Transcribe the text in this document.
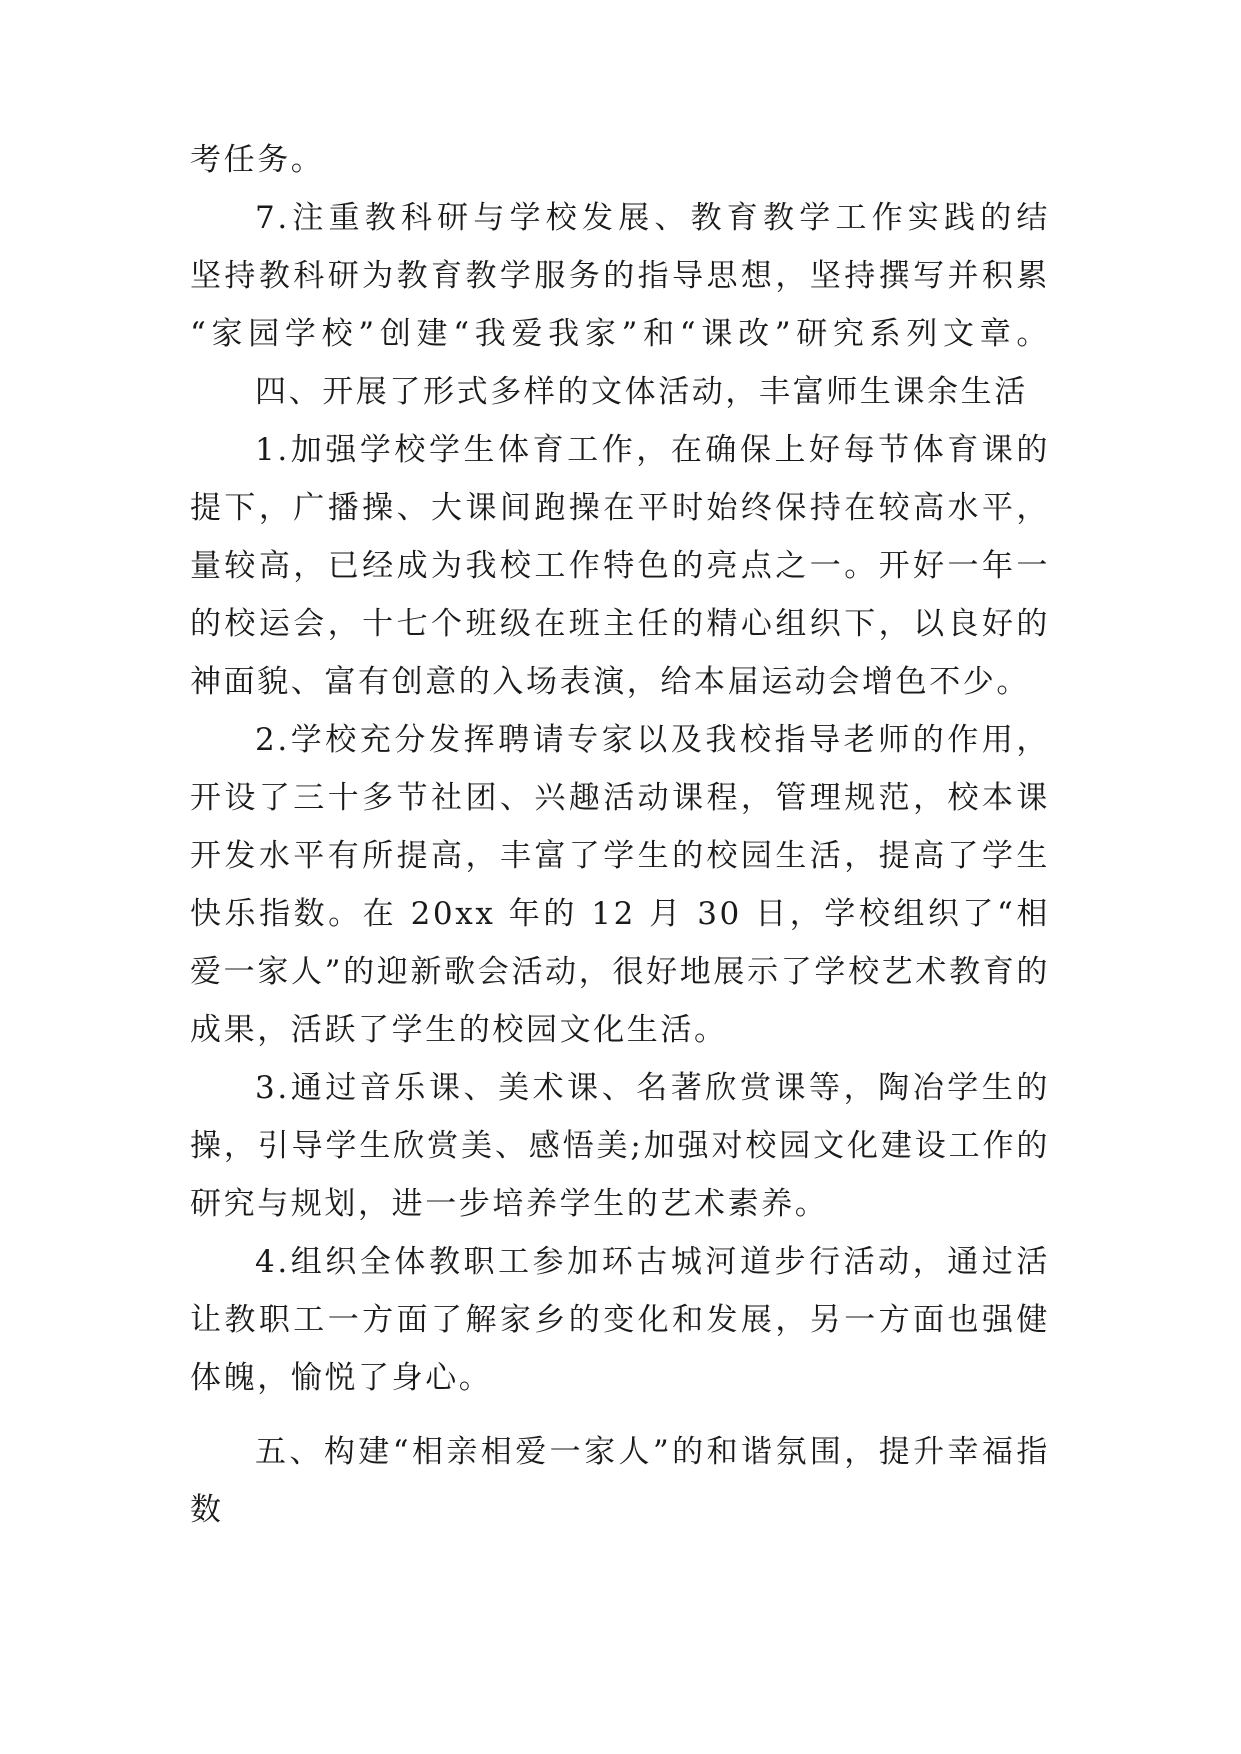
考任务。
7.注重教科研与学校发展、教育教学工作实践的结
坚持教科研为教育教学服务的指导思想，坚持撰写并积累
“家园学校”创建“我爱我家”和“课改”研究系列文章。
四、开展了形式多样的文体活动，丰富师生课余生活
1.加强学校学生体育工作，在确保上好每节体育课的
提下，广播操、大课间跑操在平时始终保持在较高水平，
量较高，已经成为我校工作特色的亮点之一。开好一年一
的校运会，十七个班级在班主任的精心组织下，以良好的
神面貌、富有创意的入场表演，给本届运动会增色不少。
2.学校充分发挥聘请专家以及我校指导老师的作用，
开设了三十多节社团、兴趣活动课程，管理规范，校本课
开发水平有所提高，丰富了学生的校园生活，提高了学生
快乐指数。在 20xx 年的 12 月 30 日，学校组织了“相
爱一家人”的迎新歌会活动，很好地展示了学校艺术教育的
成果，活跃了学生的校园文化生活。
3.通过音乐课、美术课、名著欣赏课等，陶冶学生的
操，引导学生欣赏美、感悟美;加强对校园文化建设工作的
研究与规划，进一步培养学生的艺术素养。
4.组织全体教职工参加环古城河道步行活动，通过活
让教职工一方面了解家乡的变化和发展，另一方面也强健
体魄，愉悦了身心。
五、构建“相亲相爱一家人”的和谐氛围，提升幸福指
数
